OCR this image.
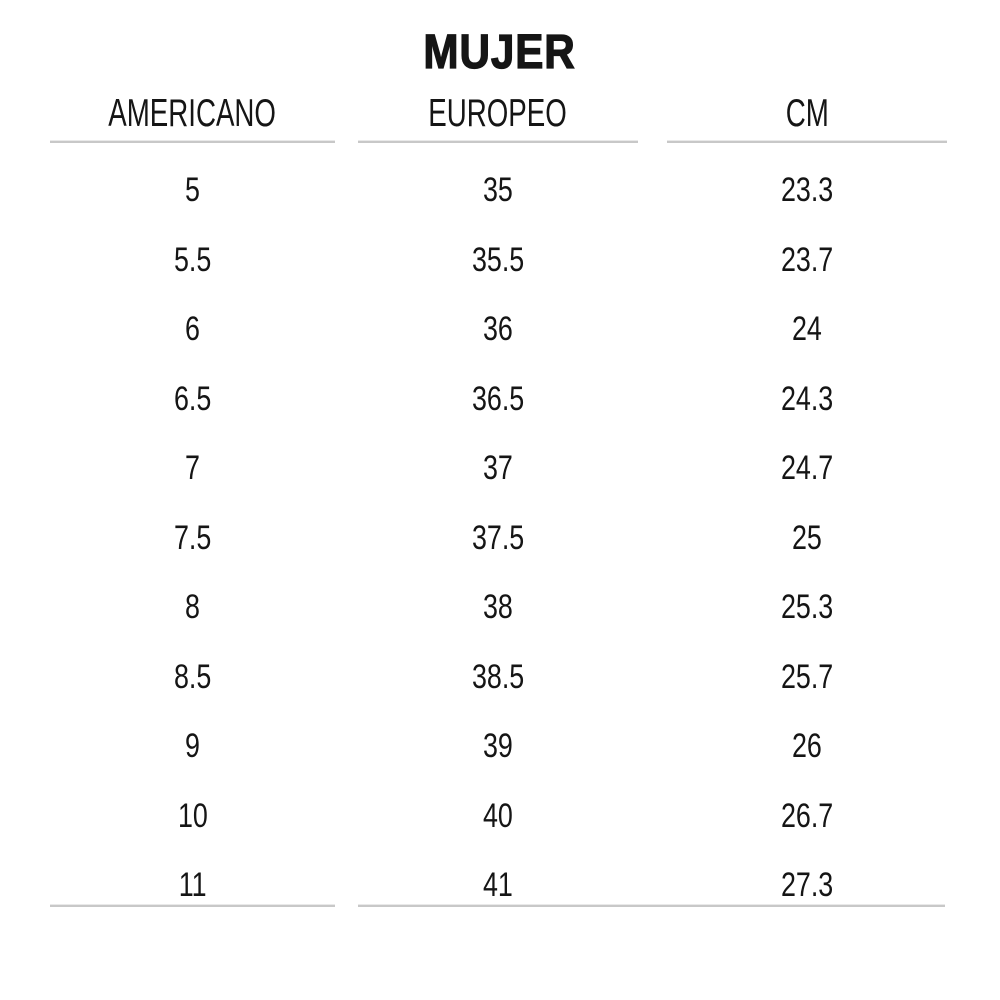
MUJER
AMERICANO
5
5.5
6
6.5
7
7.5
8
8.5
9
10
11
EUROPEO
35
35.5
36
36.5
37
37.5
38
38.5
39
40
41
CM
23.3
23.7
24
24.3
24.7
25
25.3
25.7
26
26.7
27.3
